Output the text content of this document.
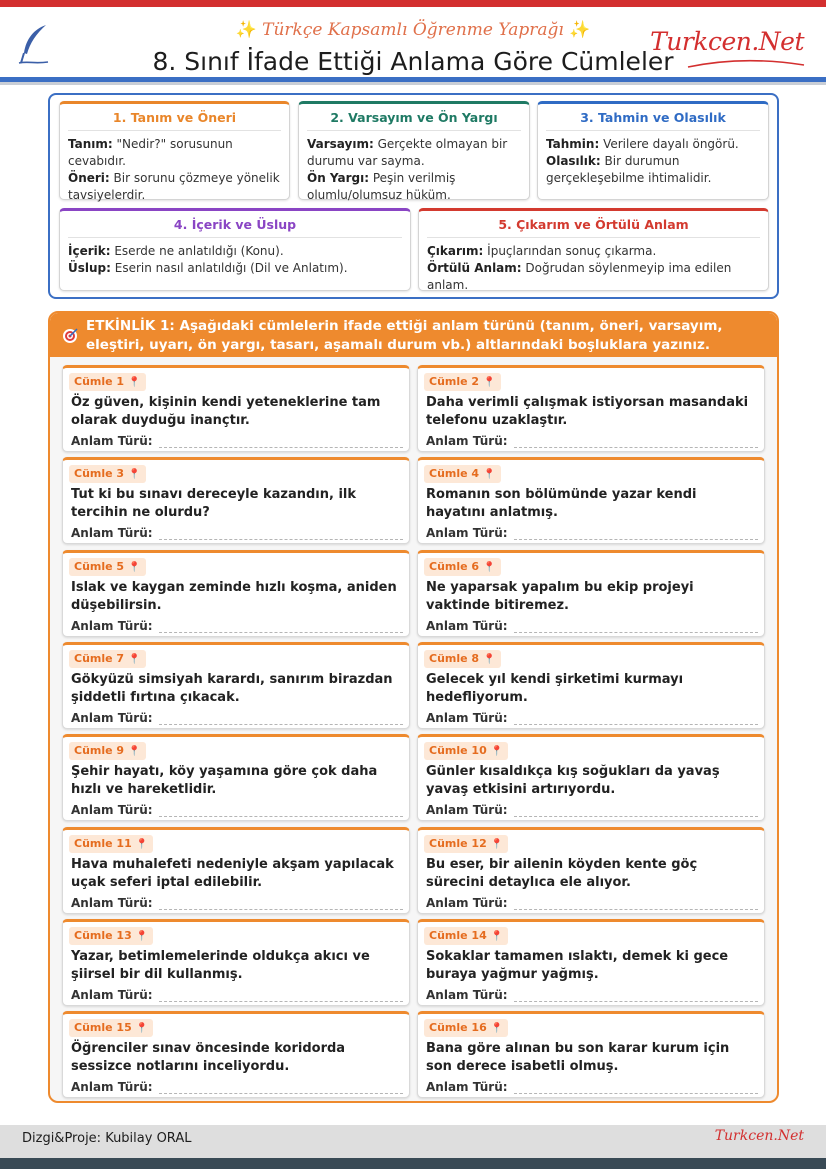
✨ Türkçe Kapsamlı Öğrenme Yaprağı ✨
8. Sınıf İfade Ettiği Anlama Göre Cümleler
Turkcen.Net
1. Tanım ve Öneri
Tanım: "Nedir?" sorusunun cevabıdır.
Öneri: Bir sorunu çözmeye yönelik tavsiyelerdir.
2. Varsayım ve Ön Yargı
Varsayım: Gerçekte olmayan bir durumu var sayma.
Ön Yargı: Peşin verilmiş olumlu/olumsuz hüküm.
3. Tahmin ve Olasılık
Tahmin: Verilere dayalı öngörü.
Olasılık: Bir durumun gerçekleşebilme ihtimalidir.
4. İçerik ve Üslup
İçerik: Eserde ne anlatıldığı (Konu).
Üslup: Eserin nasıl anlatıldığı (Dil ve Anlatım).
5. Çıkarım ve Örtülü Anlam
Çıkarım: İpuçlarından sonuç çıkarma.
Örtülü Anlam: Doğrudan söylenmeyip ima edilen anlam.
ETKİNLİK 1: Aşağıdaki cümlelerin ifade ettiği anlam türünü (tanım, öneri, varsayım, eleştiri, uyarı, ön yargı, tasarı, aşamalı durum vb.) altlarındaki boşluklara yazınız.
Cümle 1 📍
Öz güven, kişinin kendi yeteneklerine tam olarak duyduğu inançtır.
Anlam Türü:
Cümle 2 📍
Daha verimli çalışmak istiyorsan masandaki telefonu uzaklaştır.
Anlam Türü:
Cümle 3 📍
Tut ki bu sınavı dereceyle kazandın, ilk tercihin ne olurdu?
Anlam Türü:
Cümle 4 📍
Romanın son bölümünde yazar kendi hayatını anlatmış.
Anlam Türü:
Cümle 5 📍
Islak ve kaygan zeminde hızlı koşma, aniden düşebilirsin.
Anlam Türü:
Cümle 6 📍
Ne yaparsak yapalım bu ekip projeyi vaktinde bitiremez.
Anlam Türü:
Cümle 7 📍
Gökyüzü simsiyah karardı, sanırım birazdan şiddetli fırtına çıkacak.
Anlam Türü:
Cümle 8 📍
Gelecek yıl kendi şirketimi kurmayı hedefliyorum.
Anlam Türü:
Cümle 9 📍
Şehir hayatı, köy yaşamına göre çok daha hızlı ve hareketlidir.
Anlam Türü:
Cümle 10 📍
Günler kısaldıkça kış soğukları da yavaş yavaş etkisini artırıyordu.
Anlam Türü:
Cümle 11 📍
Hava muhalefeti nedeniyle akşam yapılacak uçak seferi iptal edilebilir.
Anlam Türü:
Cümle 12 📍
Bu eser, bir ailenin köyden kente göç sürecini detaylıca ele alıyor.
Anlam Türü:
Cümle 13 📍
Yazar, betimlemelerinde oldukça akıcı ve şiirsel bir dil kullanmış.
Anlam Türü:
Cümle 14 📍
Sokaklar tamamen ıslaktı, demek ki gece buraya yağmur yağmış.
Anlam Türü:
Cümle 15 📍
Öğrenciler sınav öncesinde koridorda sessizce notlarını inceliyordu.
Anlam Türü:
Cümle 16 📍
Bana göre alınan bu son karar kurum için son derece isabetli olmuş.
Anlam Türü:
Dizgi&Proje: Kubilay ORAL	Turkcen.Net
